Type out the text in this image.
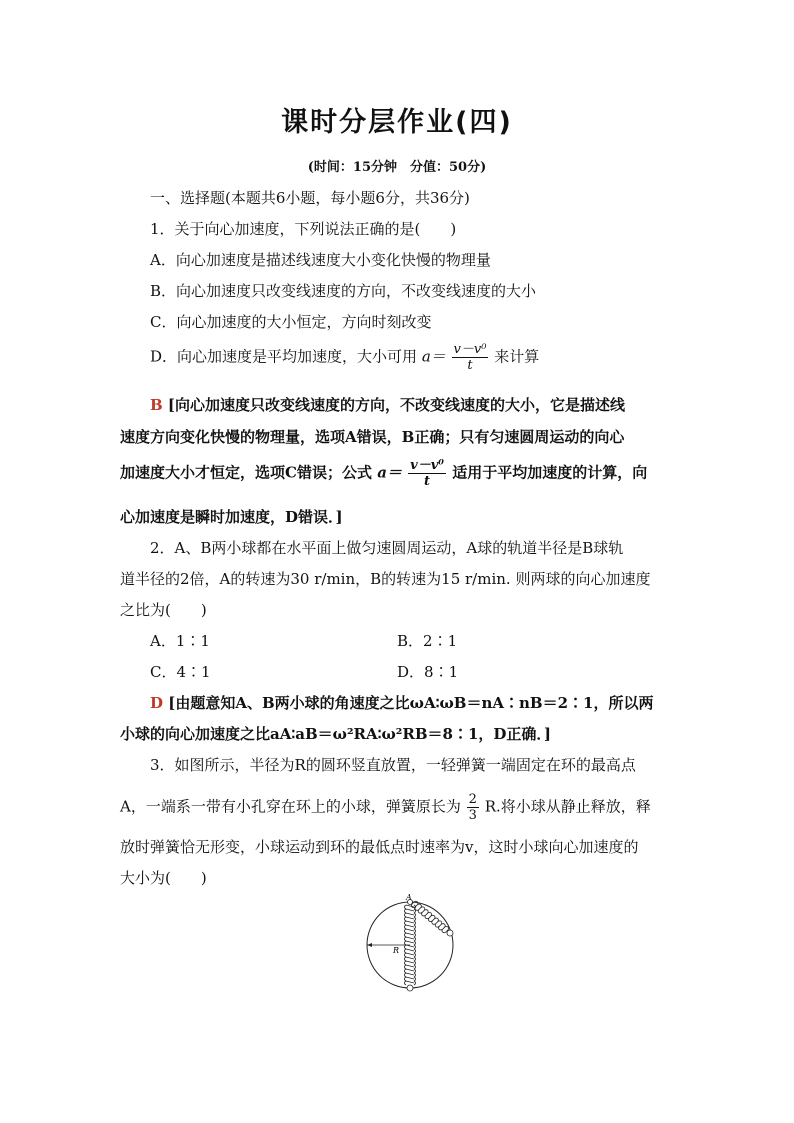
课时分层作业(四)
(时间：15分钟　分值：50分)
一、选择题(本题共6小题，每小题6分，共36分)
1．关于向心加速度，下列说法正确的是(　　)
A．向心加速度是描述线速度大小变化快慢的物理量
B．向心加速度只改变线速度的方向，不改变线速度的大小
C．向心加速度的大小恒定，方向时刻改变
D．向心加速度是平均加速度，大小可用 $a= \frac{\text{v－v⁰}}{t}$ 来计算
B [向心加速度只改变线速度的方向，不改变线速度的大小，它是描述线
速度方向变化快慢的物理量，选项A错误，B正确；只有匀速圆周运动的向心
加速度大小才恒定，选项C错误；公式 $a= \frac{\text{v－v⁰}}{t}$ 适用于平均加速度的计算，向
心加速度是瞬时加速度，D错误．]
2．A、B两小球都在水平面上做匀速圆周运动，A球的轨道半径是B球轨
道半径的2倍，A的转速为30 r/min，B的转速为15 r/min. 则两球的向心加速度
之比为(　　)
A．1∶1	B．2∶1
C．4∶1	D．8∶1
D [由题意知A、B两小球的角速度之比ωA∶ωB＝nA∶nB＝2∶1，所以两
小球的向心加速度之比aA∶aB＝ω²RA∶ω²RB＝8∶1，D正确．]
3．如图所示，半径为R的圆环竖直放置，一轻弹簧一端固定在环的最高点
A，一端系一带有小孔穿在环上的小球，弹簧原长为 $\frac{2}{3} R$.将小球从静止释放，释
放时弹簧恰无形变，小球运动到环的最低点时速率为v，这时小球向心加速度的
大小为(　　)
A
R
